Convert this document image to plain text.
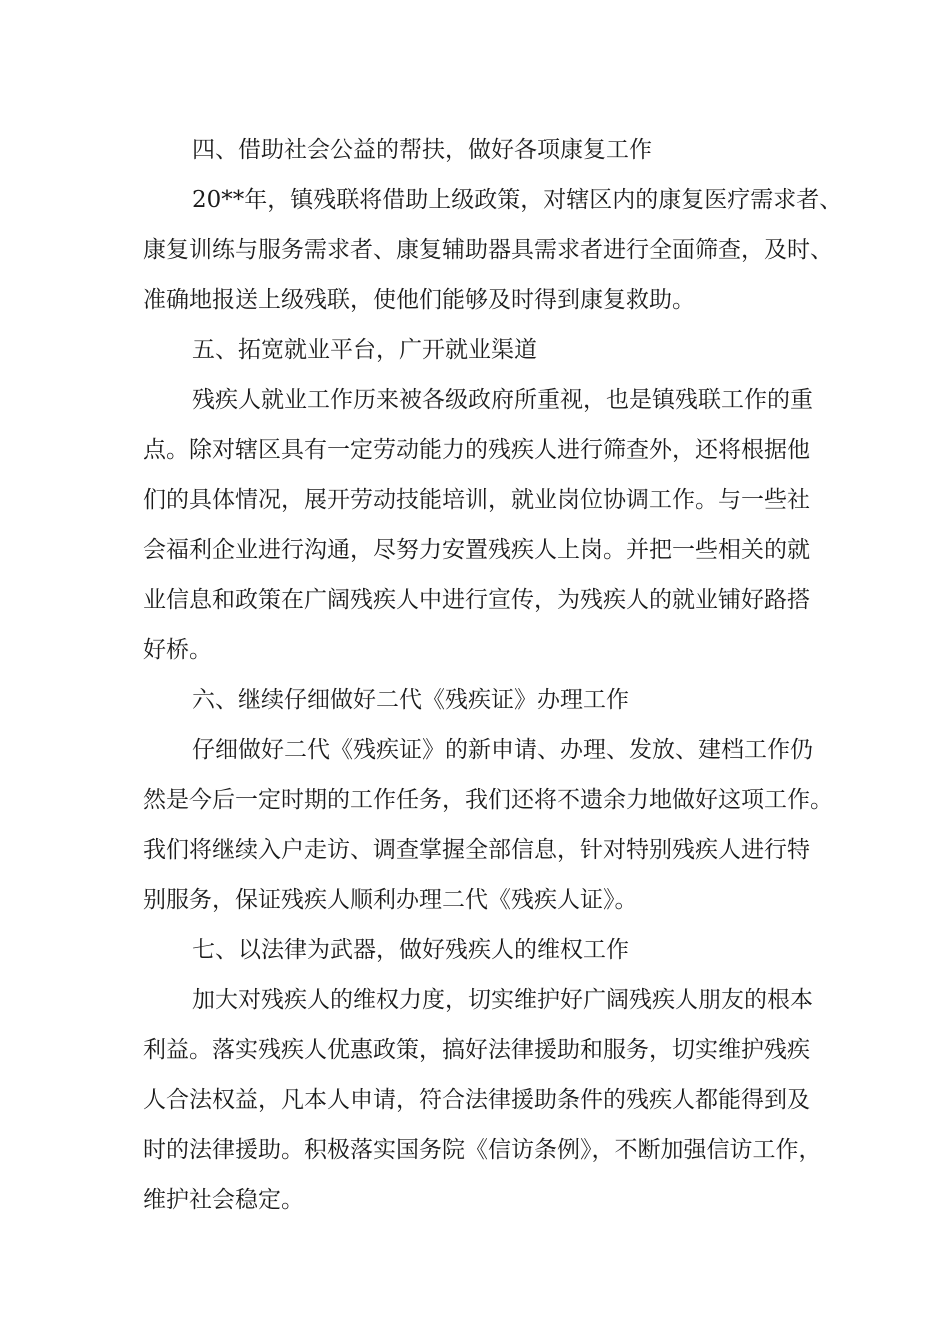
四、借助社会公益的帮扶，做好各项康复工作
20**年，镇残联将借助上级政策，对辖区内的康复医疗需求者、
康复训练与服务需求者、康复辅助器具需求者进行全面筛查，及时、
准确地报送上级残联，使他们能够及时得到康复救助。
五、拓宽就业平台，广开就业渠道
残疾人就业工作历来被各级政府所重视，也是镇残联工作的重
点。除对辖区具有一定劳动能力的残疾人进行筛查外，还将根据他
们的具体情况，展开劳动技能培训，就业岗位协调工作。与一些社
会福利企业进行沟通，尽努力安置残疾人上岗。并把一些相关的就
业信息和政策在广阔残疾人中进行宣传，为残疾人的就业铺好路搭
好桥。
六、继续仔细做好二代《残疾证》办理工作
仔细做好二代《残疾证》的新申请、办理、发放、建档工作仍
然是今后一定时期的工作任务，我们还将不遗余力地做好这项工作。
我们将继续入户走访、调查掌握全部信息，针对特别残疾人进行特
别服务，保证残疾人顺利办理二代《残疾人证》。
七、以法律为武器，做好残疾人的维权工作
加大对残疾人的维权力度，切实维护好广阔残疾人朋友的根本
利益。落实残疾人优惠政策，搞好法律援助和服务，切实维护残疾
人合法权益，凡本人申请，符合法律援助条件的残疾人都能得到及
时的法律援助。积极落实国务院《信访条例》，不断加强信访工作，
维护社会稳定。
